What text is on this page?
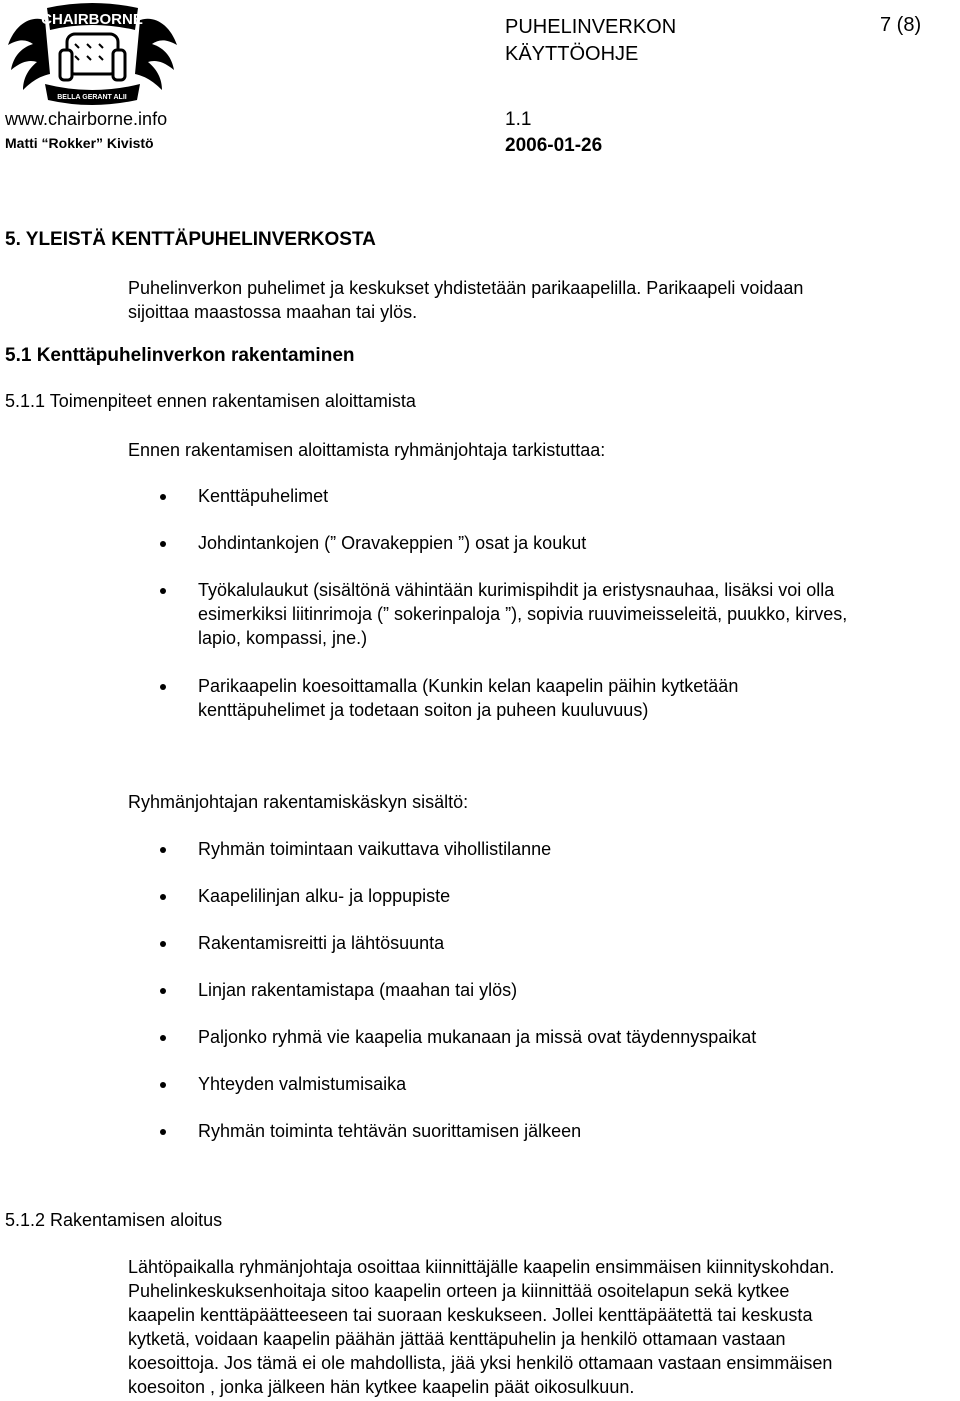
CHAIRBORNE
BELLA GERANT ALII
www.chairborne.info
Matti “Rokker” Kivistö
PUHELINVERKON
KÄYTTÖOHJE
7 (8)
1.1
2006-01-26
5. YLEISTÄ KENTTÄPUHELINVERKOSTA
Puhelinverkon puhelimet ja keskukset yhdistetään parikaapelilla. Parikaapeli voidaan
sijoittaa maastossa maahan tai ylös.
5.1 Kenttäpuhelinverkon rakentaminen
5.1.1 Toimenpiteet ennen rakentamisen aloittamista
Ennen rakentamisen aloittamista ryhmänjohtaja tarkistuttaa:
Kenttäpuhelimet
Johdintankojen (” Oravakeppien ”) osat ja koukut
Työkalulaukut (sisältönä vähintään kurimispihdit ja eristysnauhaa, lisäksi voi olla
esimerkiksi liitinrimoja (” sokerinpaloja ”), sopivia ruuvimeisseleitä, puukko, kirves,
lapio, kompassi, jne.)
Parikaapelin koesoittamalla (Kunkin kelan kaapelin päihin kytketään
kenttäpuhelimet ja todetaan soiton ja puheen kuuluvuus)
Ryhmänjohtajan rakentamiskäskyn sisältö:
Ryhmän toimintaan vaikuttava vihollistilanne
Kaapelilinjan alku- ja loppupiste
Rakentamisreitti ja lähtösuunta
Linjan rakentamistapa (maahan tai ylös)
Paljonko ryhmä vie kaapelia mukanaan ja missä ovat täydennyspaikat
Yhteyden valmistumisaika
Ryhmän toiminta tehtävän suorittamisen jälkeen
5.1.2 Rakentamisen aloitus
Lähtöpaikalla ryhmänjohtaja osoittaa kiinnittäjälle kaapelin ensimmäisen kiinnityskohdan.
Puhelinkeskuksenhoitaja sitoo kaapelin orteen ja kiinnittää osoitelapun sekä kytkee
kaapelin kenttäpäätteeseen tai suoraan keskukseen. Jollei kenttäpäätettä tai keskusta
kytketä, voidaan kaapelin päähän jättää kenttäpuhelin ja henkilö ottamaan vastaan
koesoittoja. Jos tämä ei ole mahdollista, jää yksi henkilö ottamaan vastaan ensimmäisen
koesoiton , jonka jälkeen hän kytkee kaapelin päät oikosulkuun.
